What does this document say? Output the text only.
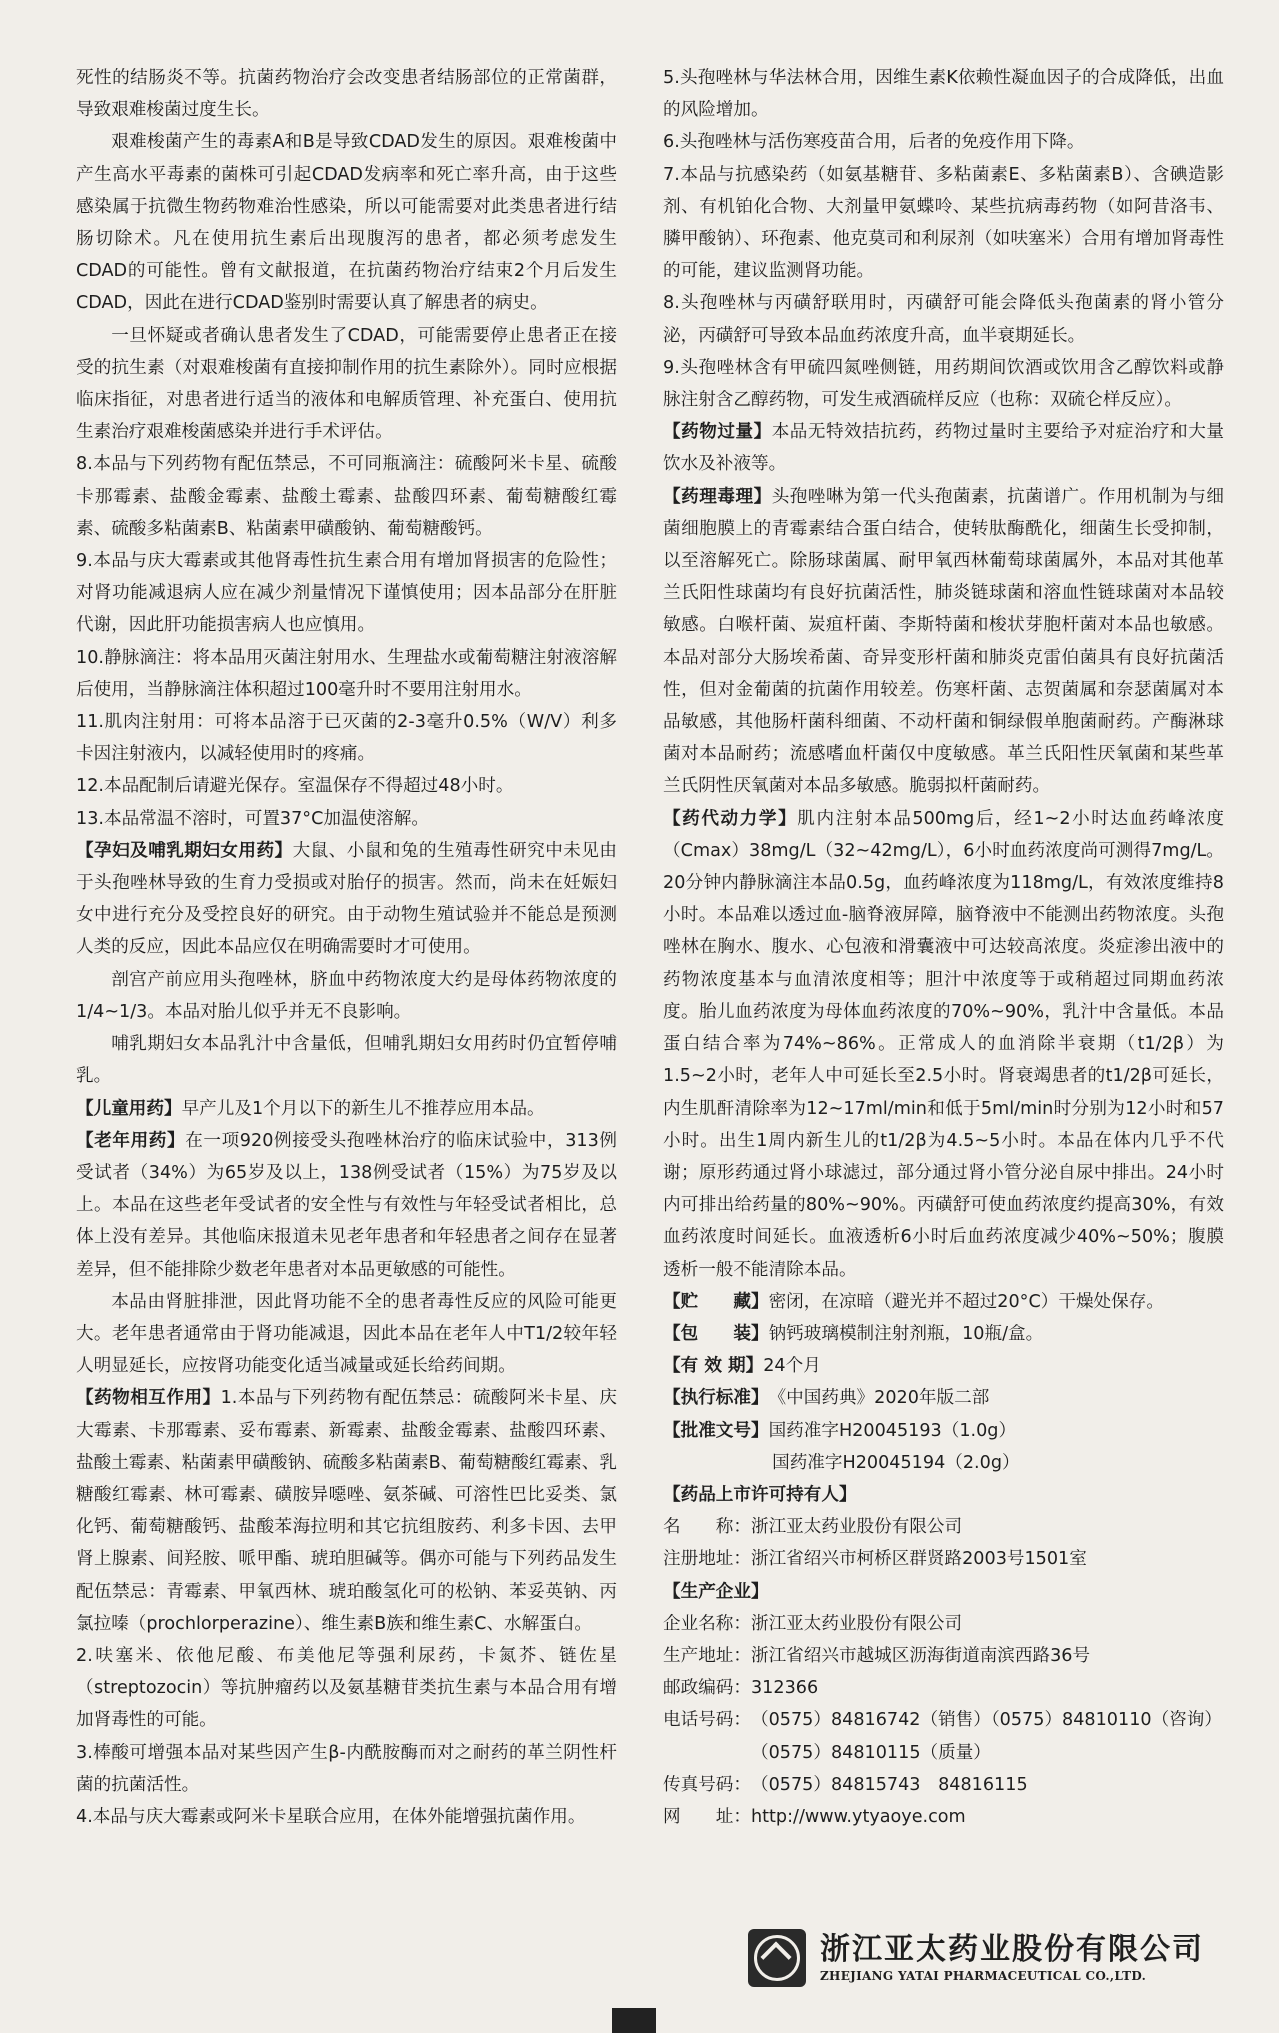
死性的结肠炎不等。抗菌药物治疗会改变患者结肠部位的正常菌群，导致艰难梭菌过度生长。

艰难梭菌产生的毒素A和B是导致CDAD发生的原因。艰难梭菌中产生高水平毒素的菌株可引起CDAD发病率和死亡率升高，由于这些感染属于抗微生物药物难治性感染，所以可能需要对此类患者进行结肠切除术。凡在使用抗生素后出现腹泻的患者，都必须考虑发生CDAD的可能性。曾有文献报道，在抗菌药物治疗结束2个月后发生CDAD，因此在进行CDAD鉴别时需要认真了解患者的病史。

一旦怀疑或者确认患者发生了CDAD，可能需要停止患者正在接受的抗生素（对艰难梭菌有直接抑制作用的抗生素除外）。同时应根据临床指征，对患者进行适当的液体和电解质管理、补充蛋白、使用抗生素治疗艰难梭菌感染并进行手术评估。

8.本品与下列药物有配伍禁忌，不可同瓶滴注：硫酸阿米卡星、硫酸卡那霉素、盐酸金霉素、盐酸土霉素、盐酸四环素、葡萄糖酸红霉素、硫酸多粘菌素B、粘菌素甲磺酸钠、葡萄糖酸钙。

9.本品与庆大霉素或其他肾毒性抗生素合用有增加肾损害的危险性；对肾功能减退病人应在减少剂量情况下谨慎使用；因本品部分在肝脏代谢，因此肝功能损害病人也应慎用。

10.静脉滴注：将本品用灭菌注射用水、生理盐水或葡萄糖注射液溶解后使用，当静脉滴注体积超过100毫升时不要用注射用水。

11.肌肉注射用：可将本品溶于已灭菌的2-3毫升0.5%（W/V）利多卡因注射液内，以减轻使用时的疼痛。

12.本品配制后请避光保存。室温保存不得超过48小时。

13.本品常温不溶时，可置37°C加温使溶解。

【孕妇及哺乳期妇女用药】大鼠、小鼠和兔的生殖毒性研究中未见由于头孢唑林导致的生育力受损或对胎仔的损害。然而，尚未在妊娠妇女中进行充分及受控良好的研究。由于动物生殖试验并不能总是预测人类的反应，因此本品应仅在明确需要时才可使用。

剖宫产前应用头孢唑林，脐血中药物浓度大约是母体药物浓度的1/4~1/3。本品对胎儿似乎并无不良影响。

哺乳期妇女本品乳汁中含量低，但哺乳期妇女用药时仍宜暂停哺乳。

【儿童用药】早产儿及1个月以下的新生儿不推荐应用本品。

【老年用药】在一项920例接受头孢唑林治疗的临床试验中，313例受试者（34%）为65岁及以上，138例受试者（15%）为75岁及以上。本品在这些老年受试者的安全性与有效性与年轻受试者相比，总体上没有差异。其他临床报道未见老年患者和年轻患者之间存在显著差异，但不能排除少数老年患者对本品更敏感的可能性。

本品由肾脏排泄，因此肾功能不全的患者毒性反应的风险可能更大。老年患者通常由于肾功能减退，因此本品在老年人中T1/2较年轻人明显延长，应按肾功能变化适当减量或延长给药间期。

【药物相互作用】1.本品与下列药物有配伍禁忌：硫酸阿米卡星、庆大霉素、卡那霉素、妥布霉素、新霉素、盐酸金霉素、盐酸四环素、盐酸土霉素、粘菌素甲磺酸钠、硫酸多粘菌素B、葡萄糖酸红霉素、乳糖酸红霉素、林可霉素、磺胺异噁唑、氨茶碱、可溶性巴比妥类、氯化钙、葡萄糖酸钙、盐酸苯海拉明和其它抗组胺药、利多卡因、去甲肾上腺素、间羟胺、哌甲酯、琥珀胆碱等。偶亦可能与下列药品发生配伍禁忌：青霉素、甲氧西林、琥珀酸氢化可的松钠、苯妥英钠、丙氯拉嗪（prochlorperazine）、维生素B族和维生素C、水解蛋白。

2.呋塞米、依他尼酸、布美他尼等强利尿药，卡氮芥、链佐星（streptozocin）等抗肿瘤药以及氨基糖苷类抗生素与本品合用有增加肾毒性的可能。

3.棒酸可增强本品对某些因产生β-内酰胺酶而对之耐药的革兰阴性杆菌的抗菌活性。

4.本品与庆大霉素或阿米卡星联合应用，在体外能增强抗菌作用。

5.头孢唑林与华法林合用，因维生素K依赖性凝血因子的合成降低，出血的风险增加。

6.头孢唑林与活伤寒疫苗合用，后者的免疫作用下降。

7.本品与抗感染药（如氨基糖苷、多粘菌素E、多粘菌素B）、含碘造影剂、有机铂化合物、大剂量甲氨蝶呤、某些抗病毒药物（如阿昔洛韦、膦甲酸钠）、环孢素、他克莫司和利尿剂（如呋塞米）合用有增加肾毒性的可能，建议监测肾功能。

8.头孢唑林与丙磺舒联用时，丙磺舒可能会降低头孢菌素的肾小管分泌，丙磺舒可导致本品血药浓度升高，血半衰期延长。

9.头孢唑林含有甲硫四氮唑侧链，用药期间饮酒或饮用含乙醇饮料或静脉注射含乙醇药物，可发生戒酒硫样反应（也称：双硫仑样反应）。

【药物过量】本品无特效拮抗药，药物过量时主要给予对症治疗和大量饮水及补液等。

【药理毒理】头孢唑啉为第一代头孢菌素，抗菌谱广。作用机制为与细菌细胞膜上的青霉素结合蛋白结合，使转肽酶酰化，细菌生长受抑制，以至溶解死亡。除肠球菌属、耐甲氧西林葡萄球菌属外，本品对其他革兰氏阳性球菌均有良好抗菌活性，肺炎链球菌和溶血性链球菌对本品较敏感。白喉杆菌、炭疽杆菌、李斯特菌和梭状芽胞杆菌对本品也敏感。本品对部分大肠埃希菌、奇异变形杆菌和肺炎克雷伯菌具有良好抗菌活性，但对金葡菌的抗菌作用较差。伤寒杆菌、志贺菌属和奈瑟菌属对本品敏感，其他肠杆菌科细菌、不动杆菌和铜绿假单胞菌耐药。产酶淋球菌对本品耐药；流感嗜血杆菌仅中度敏感。革兰氏阳性厌氧菌和某些革兰氏阴性厌氧菌对本品多敏感。脆弱拟杆菌耐药。

【药代动力学】肌内注射本品500mg后，经1~2小时达血药峰浓度（Cmax）38mg/L（32~42mg/L），6小时血药浓度尚可测得7mg/L。20分钟内静脉滴注本品0.5g，血药峰浓度为118mg/L，有效浓度维持8小时。本品难以透过血-脑脊液屏障，脑脊液中不能测出药物浓度。头孢唑林在胸水、腹水、心包液和滑囊液中可达较高浓度。炎症渗出液中的药物浓度基本与血清浓度相等；胆汁中浓度等于或稍超过同期血药浓度。胎儿血药浓度为母体血药浓度的70%~90%，乳汁中含量低。本品蛋白结合率为74%~86%。正常成人的血消除半衰期（t1/2β）为1.5~2小时，老年人中可延长至2.5小时。肾衰竭患者的t1/2β可延长，内生肌酐清除率为12~17ml/min和低于5ml/min时分别为12小时和57小时。出生1周内新生儿的t1/2β为4.5~5小时。本品在体内几乎不代谢；原形药通过肾小球滤过，部分通过肾小管分泌自尿中排出。24小时内可排出给药量的80%~90%。丙磺舒可使血药浓度约提高30%，有效血药浓度时间延长。血液透析6小时后血药浓度减少40%~50%；腹膜透析一般不能清除本品。

【贮　　藏】 密闭，在凉暗（避光并不超过20°C）干燥处保存。
【包　　装】 钠钙玻璃模制注射剂瓶，10瓶/盒。
【有 效 期】 24个月
【执行标准】 《中国药典》2020年版二部
【批准文号】 国药准字H20045193（1.0g）
国药准字H20045194（2.0g）
【药品上市许可持有人】
名　　称： 浙江亚太药业股份有限公司
注册地址： 浙江省绍兴市柯桥区群贤路2003号1501室
【生产企业】
企业名称： 浙江亚太药业股份有限公司
生产地址： 浙江省绍兴市越城区沥海街道南滨西路36号
邮政编码： 312366
电话号码： （0575）84816742（销售）（0575）84810110（咨询）
（0575）84810115（质量）
传真号码： （0575）84815743　84816115
网　　址： http://www.ytyaoye.com
浙江亚太药业股份有限公司
ZHEJIANG YATAI PHARMACEUTICAL CO.,LTD.
